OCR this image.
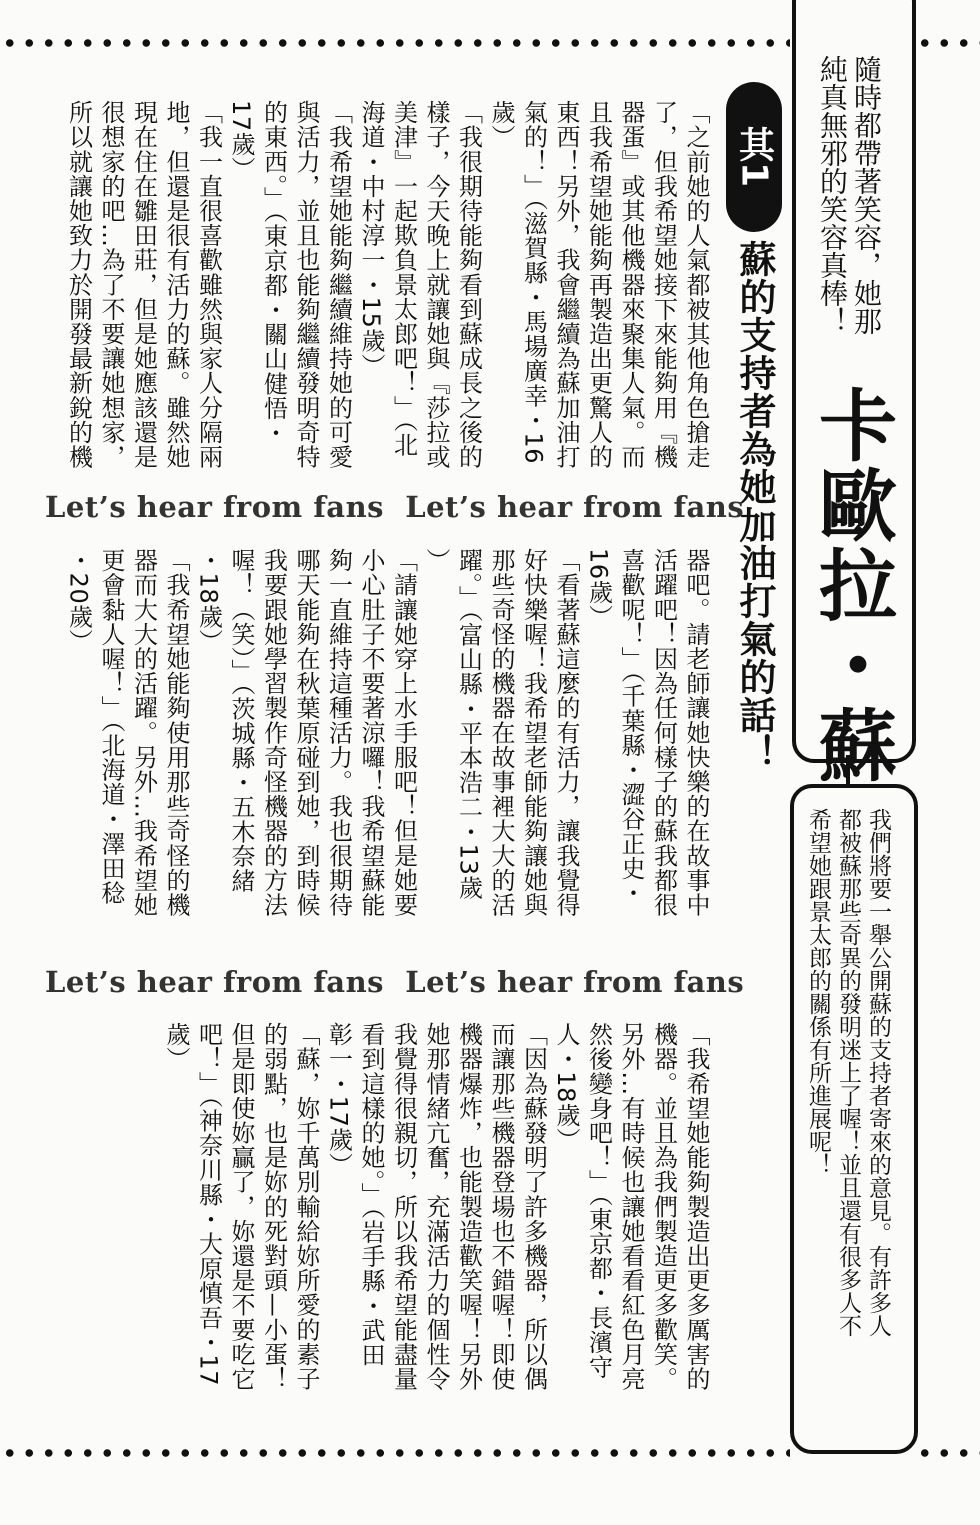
隨時都帶著笑容，她那
純真無邪的笑容真棒！
卡歐拉・蘇
我們將要一舉公開蘇的支持者寄來的意見。有許多人
都被蘇那些奇異的發明迷上了喔！並且還有很多人不
希望她跟景太郎的關係有所進展呢！
其1
蘇的支持者為她加油打氣的話！
「之前她的人氣都被其他角色搶走
了，但我希望她接下來能夠用『機
器蛋』或其他機器來聚集人氣。而
且我希望她能夠再製造出更驚人的
東西！另外，我會繼續為蘇加油打
氣的！」（滋賀縣・馬場廣幸・16
歲）
「我很期待能夠看到蘇成長之後的
樣子，今天晚上就讓她與『莎拉或
美津』一起欺負景太郎吧！」（北
海道・中村淳一・15歲）
「我希望她能夠繼續維持她的可愛
與活力，並且也能夠繼續發明奇特
的東西。」（東京都・關山健悟・
17歲）
「我一直很喜歡雖然與家人分隔兩
地，但還是很有活力的蘇。雖然她
現在住在雛田莊，但是她應該還是
很想家的吧…為了不要讓她想家，
所以就讓她致力於開發最新銳的機
Let’s hear from fans  Let’s hear from fans
器吧。請老師讓她快樂的在故事中
活躍吧！因為任何樣子的蘇我都很
喜歡呢！」（千葉縣・澀谷正史・
16歲）
「看著蘇這麼的有活力，讓我覺得
好快樂喔！我希望老師能夠讓她與
那些奇怪的機器在故事裡大大的活
躍。」（富山縣・平本浩二・13歲
）
「請讓她穿上水手服吧！但是她要
小心肚子不要著涼囉！我希望蘇能
夠一直維持這種活力。我也很期待
哪天能夠在秋葉原碰到她，到時候
我要跟她學習製作奇怪機器的方法
喔！（笑）」（茨城縣・五木奈緒
・18歲）
「我希望她能夠使用那些奇怪的機
器而大大的活躍。另外…我希望她
更會黏人喔！」（北海道・澤田稔
・20歲）
Let’s hear from fans  Let’s hear from fans
「我希望她能夠製造出更多厲害的
機器。並且為我們製造更多歡笑。
另外…有時候也讓她看看紅色月亮
然後變身吧！」（東京都・長濱守
人・18歲）
「因為蘇發明了許多機器，所以偶
而讓那些機器登場也不錯喔！即使
機器爆炸，也能製造歡笑喔！另外
她那情緒亢奮，充滿活力的個性令
我覺得很親切，所以我希望能盡量
看到這樣的她。」（岩手縣・武田
彰一・17歲）
「蘇，妳千萬別輸給妳所愛的素子
的弱點，也是妳的死對頭—小蛋！
但是即使妳贏了，妳還是不要吃它
吧！」（神奈川縣・大原慎吾・17
歲）
